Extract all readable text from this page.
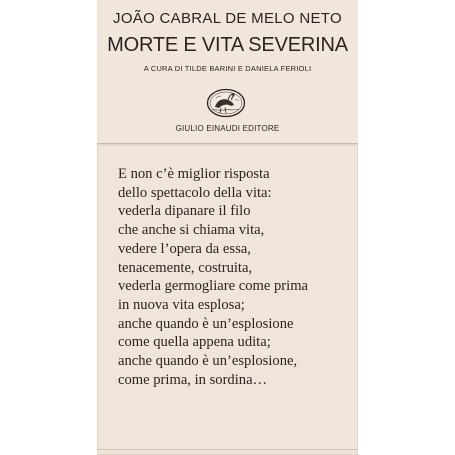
JOÃO CABRAL DE MELO NETO
MORTE E VITA SEVERINA
A CURA DI TILDE BARINI E DANIELA FERIOLI
GIULIO EINAUDI EDITORE
E non c’è miglior risposta
dello spettacolo della vita:
vederla dipanare il filo
che anche si chiama vita,
vedere l’opera da essa,
tenacemente, costruita,
vederla germogliare come prima
in nuova vita esplosa;
anche quando è un’esplosione
come quella appena udita;
anche quando è un’esplosione,
come prima, in sordina…
